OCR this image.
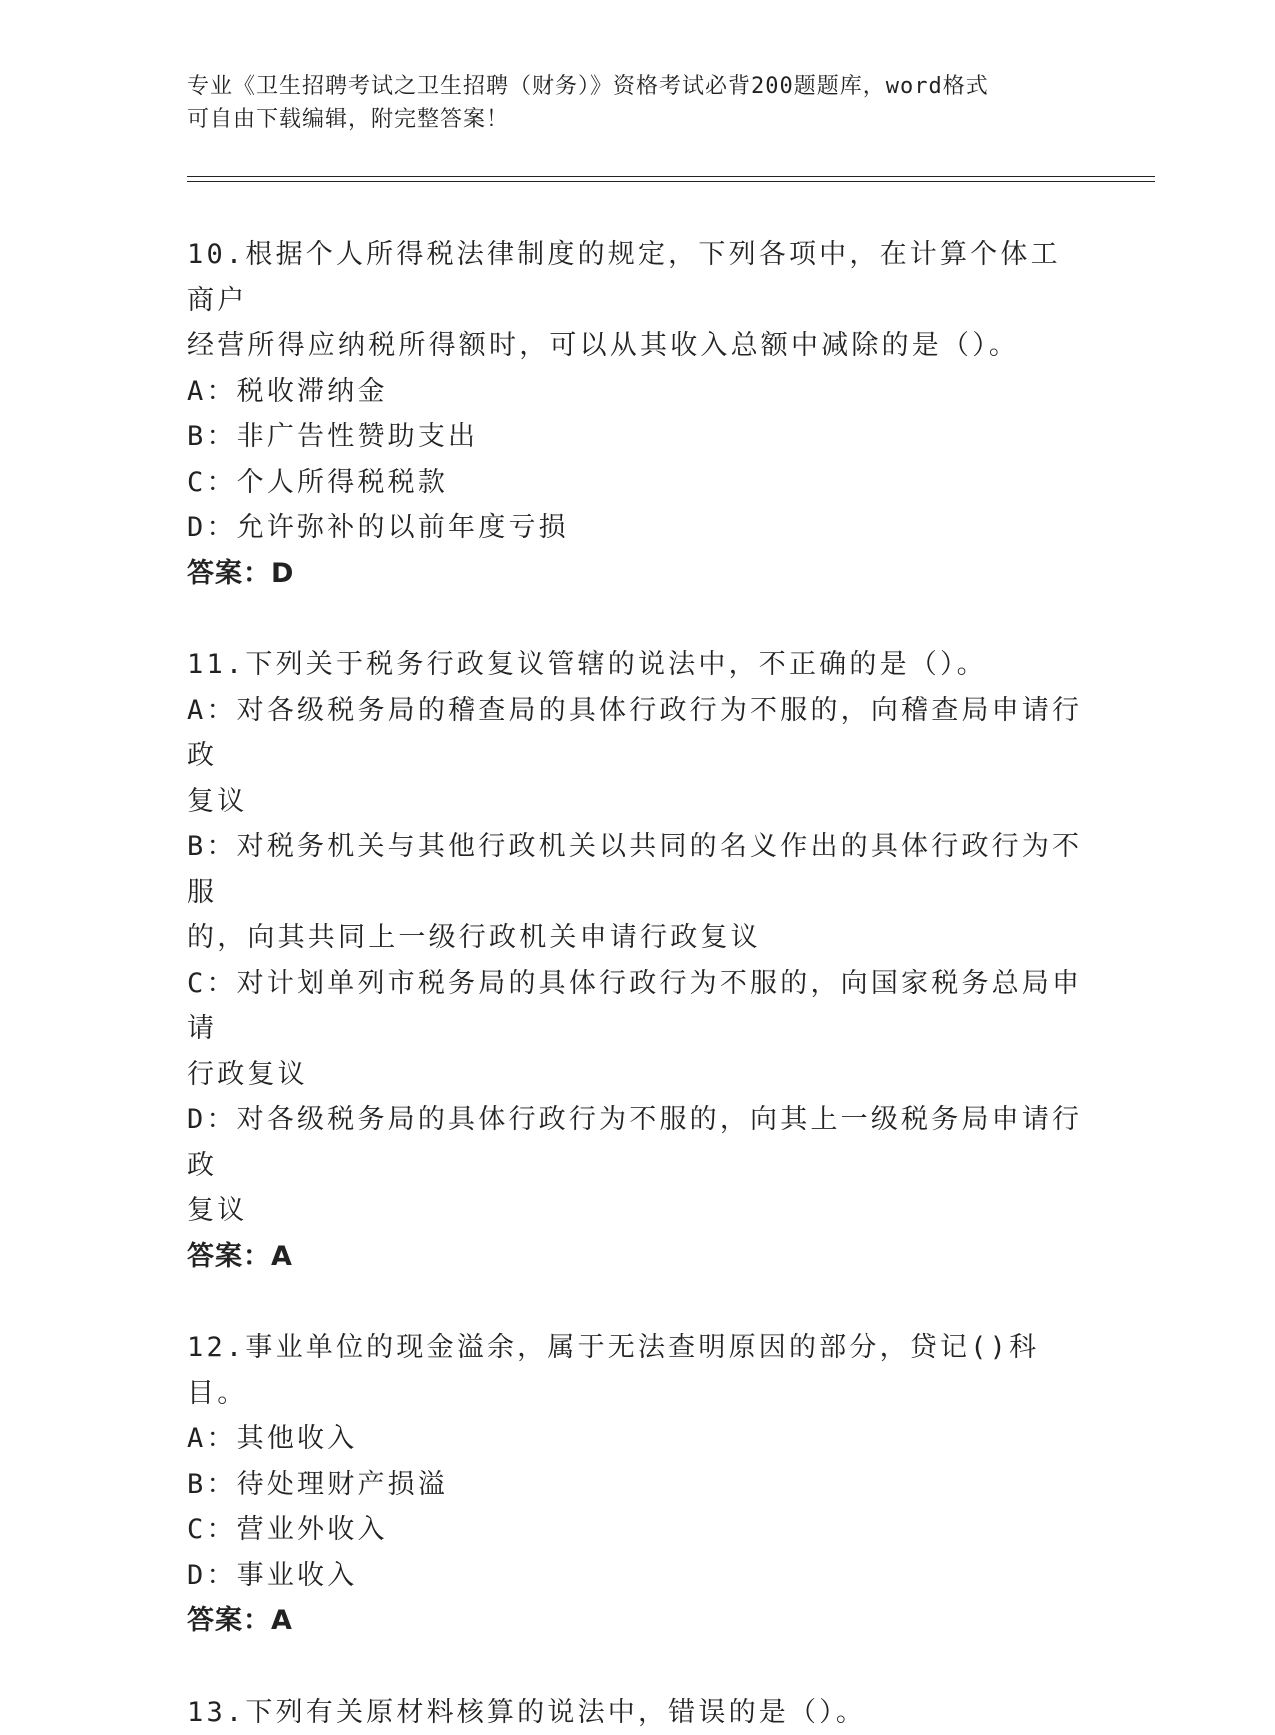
专业《卫生招聘考试之卫生招聘（财务）》资格考试必背200题题库，word格式
可自由下载编辑，附完整答案！

10.根据个人所得税法律制度的规定，下列各项中，在计算个体工商户

经营所得应纳税所得额时，可以从其收入总额中减除的是（）。

A：税收滞纳金

B：非广告性赞助支出

C：个人所得税税款

D：允许弥补的以前年度亏损

答案：D

11.下列关于税务行政复议管辖的说法中，不正确的是（）。

A：对各级税务局的稽查局的具体行政行为不服的，向稽查局申请行政

复议

B：对税务机关与其他行政机关以共同的名义作出的具体行政行为不服

的，向其共同上一级行政机关申请行政复议

C：对计划单列市税务局的具体行政行为不服的，向国家税务总局申请

行政复议

D：对各级税务局的具体行政行为不服的，向其上一级税务局申请行政

复议

答案：A

12.事业单位的现金溢余，属于无法查明原因的部分，贷记()科目。

A：其他收入

B：待处理财产损溢

C：营业外收入

D：事业收入

答案：A

13.下列有关原材料核算的说法中，错误的是（）。
